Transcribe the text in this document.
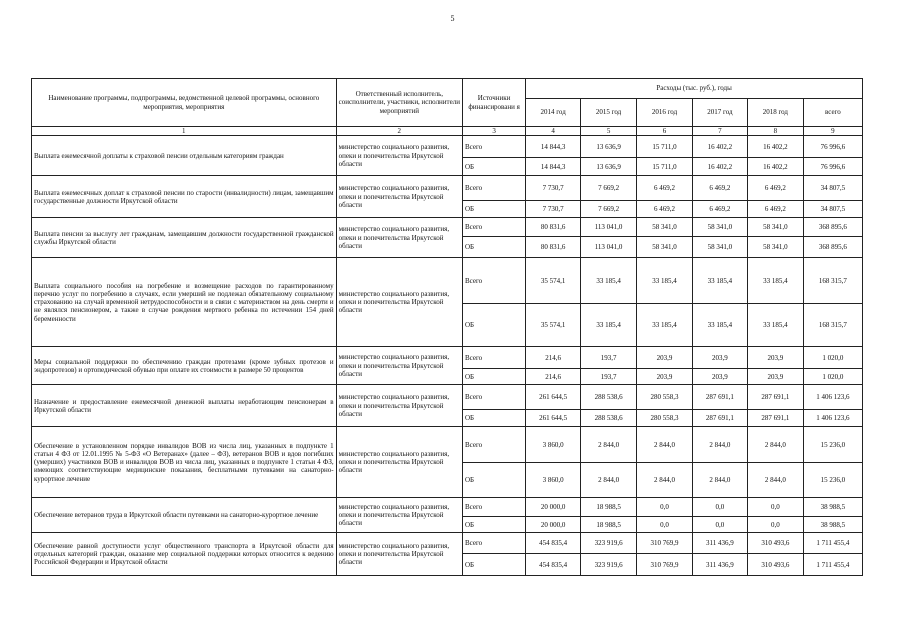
5
Наименование программы, подпрограммы, ведомственной целевой программы, основного мероприятия, мероприятия	Ответственный исполнитель, соисполнители, участники, исполнители мероприятий	Источники финансировани я	Расходы (тыс. руб.), годы					
			2014 год	2015 год	2016 год	2017 год	2018 год	всего
1	2	3	4	5	6	7	8	9
Выплата ежемесячной доплаты к страховой пенсии отдельным категориям граждан	министерство социального развития, опеки и попечительства Иркутской области	Всего	14 844,3	13 636,9	15 711,0	16 402,2	16 402,2	76 996,6
		ОБ	14 844,3	13 636,9	15 711,0	16 402,2	16 402,2	76 996,6
Выплата ежемесячных доплат к страховой пенсии по старости (инвалидности) лицам, замещавшим государственные должности Иркутской области	министерство социального развития, опеки и попечительства Иркутской области	Всего	7 730,7	7 669,2	6 469,2	6 469,2	6 469,2	34 807,5
		ОБ	7 730,7	7 669,2	6 469,2	6 469,2	6 469,2	34 807,5
Выплата пенсии за выслугу лет гражданам, замещавшим должности государственной гражданской службы Иркутской области	министерство социального развития, опеки и попечительства Иркутской области	Всего	80 831,6	113 041,0	58 341,0	58 341,0	58 341,0	368 895,6
		ОБ	80 831,6	113 041,0	58 341,0	58 341,0	58 341,0	368 895,6
Выплата социального пособия на погребение и возмещение расходов по гарантированному перечню услуг по погребению в случаях, если умерший не подлежал обязательному социальному страхованию на случай временной нетрудоспособности и в связи с материнством на день смерти и не являлся пенсионером, а также в случае рождения мертвого ребенка по истечении 154 дней беременности	министерство социального развития, опеки и попечительства Иркутской области	Всего	35 574,1	33 185,4	33 185,4	33 185,4	33 185,4	168 315,7
		ОБ	35 574,1	33 185,4	33 185,4	33 185,4	33 185,4	168 315,7
Меры социальной поддержки по обеспечению граждан протезами (кроме зубных протезов и эндопротезов) и ортопедической обувью при оплате их стоимости в размере 50 процентов	министерство социального развития, опеки и попечительства Иркутской области	Всего	214,6	193,7	203,9	203,9	203,9	1 020,0
		ОБ	214,6	193,7	203,9	203,9	203,9	1 020,0
Назначение и предоставление ежемесячной денежной выплаты неработающим пенсионерам в Иркутской области	министерство социального развития, опеки и попечительства Иркутской области	Всего	261 644,5	288 538,6	280 558,3	287 691,1	287 691,1	1 406 123,6
		ОБ	261 644,5	288 538,6	280 558,3	287 691,1	287 691,1	1 406 123,6
Обеспечение в установленном порядке инвалидов ВОВ из числа лиц, указанных в подпункте 1 статьи 4 ФЗ от 12.01.1995 № 5-ФЗ «О Ветеранах» (далее – ФЗ), ветеранов ВОВ и вдов погибших (умерших) участников ВОВ и инвалидов ВОВ из числа лиц, указанных в подпункте 1 статьи 4 ФЗ, имеющих соответствующие медицинские показания, бесплатными путевками на санаторно-курортное лечение	министерство социального развития, опеки и попечительства Иркутской области	Всего	3 860,0	2 844,0	2 844,0	2 844,0	2 844,0	15 236,0
		ОБ	3 860,0	2 844,0	2 844,0	2 844,0	2 844,0	15 236,0
Обеспечение ветеранов труда в Иркутской области путевками на санаторно-курортное лечение	министерство социального развития, опеки и попечительства Иркутской области	Всего	20 000,0	18 988,5	0,0	0,0	0,0	38 988,5
		ОБ	20 000,0	18 988,5	0,0	0,0	0,0	38 988,5
Обеспечение равной доступности услуг общественного транспорта в Иркутской области для отдельных категорий граждан, оказание мер социальной поддержки которых относится к ведению Российской Федерации и Иркутской области	министерство социального развития, опеки и попечительства Иркутской области	Всего	454 835,4	323 919,6	310 769,9	311 436,9	310 493,6	1 711 455,4
		ОБ	454 835,4	323 919,6	310 769,9	311 436,9	310 493,6	1 711 455,4
